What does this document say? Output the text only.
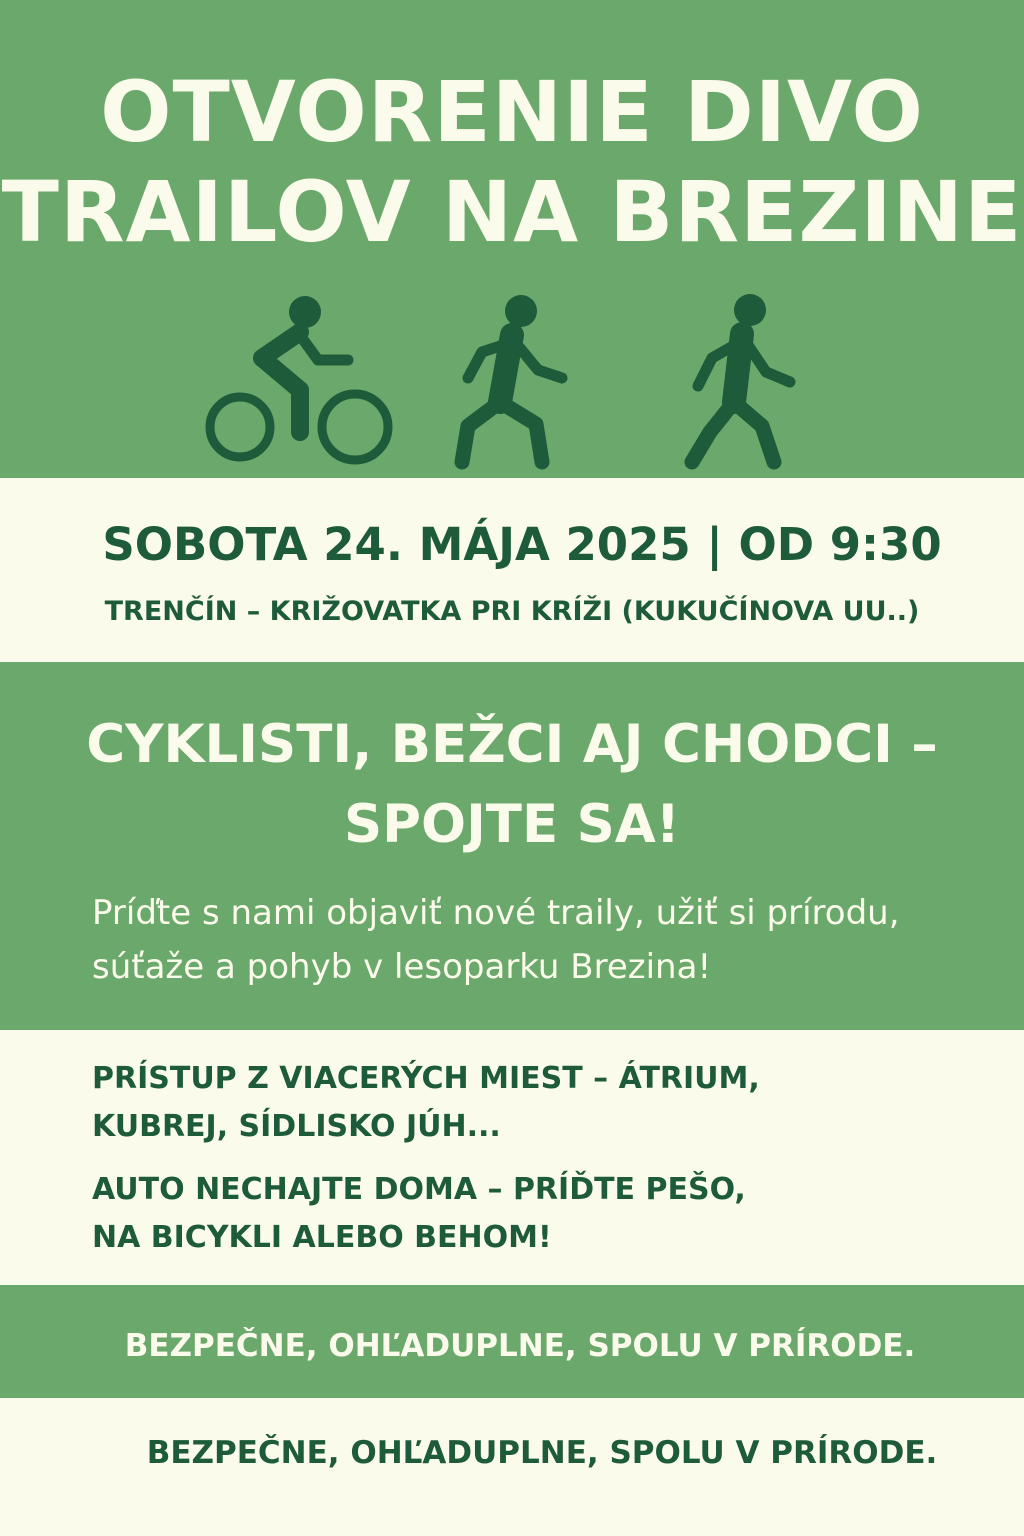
OTVORENIE DIVO
TRAILOV NA BREZINE
SOBOTA 24. MÁJA 2025 | OD 9:30
TRENČÍN – KRIŽOVATKA PRI KRÍŽI (KUKUČÍNOVA UU..)
CYKLISTI, BEŽCI AJ CHODCI –
SPOJTE SA!

Príďte s nami objaviť nové traily, užiť si prírodu, súťaže a pohyb v lesoparku Brezina!

PRÍSTUP Z VIACERÝCH MIEST – ÁTRIUM,
KUBREJ, SÍDLISKO JÚH...
AUTO NECHAJTE DOMA – PRÍĎTE PEŠO,
NA BICYKLI ALEBO BEHOM!
BEZPEČNE, OHĽADUPLNE, SPOLU V PRÍRODE.
BEZPEČNE, OHĽADUPLNE, SPOLU V PRÍRODE.
